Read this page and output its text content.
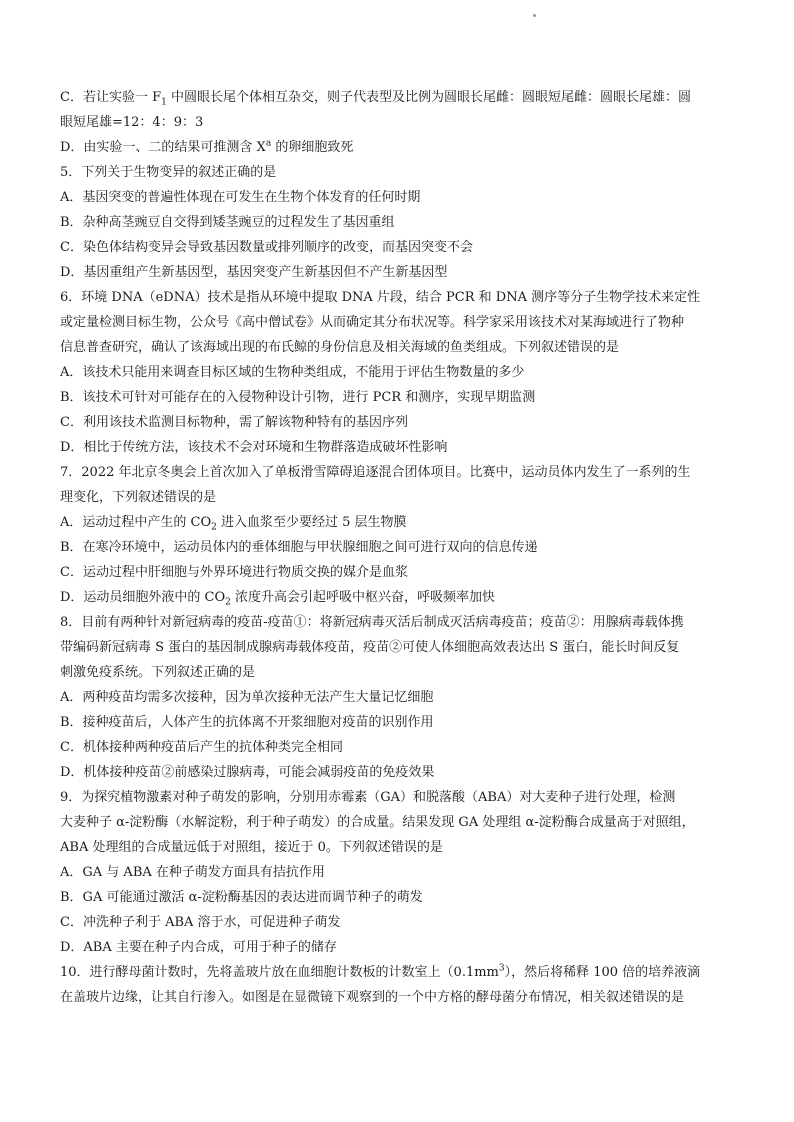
C．若让实验一 $F_1$ 中圆眼长尾个体相互杂交，则子代表型及比例为圆眼长尾雌：圆眼短尾雌：圆眼长尾雄：圆
眼短尾雄=12：4：9：3
D．由实验一、二的结果可推测含 $X^a$ 的卵细胞致死
5．下列关于生物变异的叙述正确的是
A．基因突变的普遍性体现在可发生在生物个体发育的任何时期
B．杂种高茎豌豆自交得到矮茎豌豆的过程发生了基因重组
C．染色体结构变异会导致基因数量或排列顺序的改变，而基因突变不会
D．基因重组产生新基因型，基因突变产生新基因但不产生新基因型
6．环境 DNA（eDNA）技术是指从环境中提取 DNA 片段，结合 PCR 和 DNA 测序等分子生物学技术来定性
或定量检测目标生物，公众号《高中僧试卷》从而确定其分布状况等。科学家采用该技术对某海域进行了物种
信息普查研究，确认了该海域出现的布氏鲸的身份信息及相关海域的鱼类组成。下列叙述错误的是
A．该技术只能用来调查目标区域的生物种类组成，不能用于评估生物数量的多少
B．该技术可针对可能存在的入侵物种设计引物，进行 PCR 和测序，实现早期监测
C．利用该技术监测目标物种，需了解该物种特有的基因序列
D．相比于传统方法，该技术不会对环境和生物群落造成破坏性影响
7．2022 年北京冬奥会上首次加入了单板滑雪障碍追逐混合团体项目。比赛中，运动员体内发生了一系列的生
理变化，下列叙述错误的是
A．运动过程中产生的 $CO_2$ 进入血浆至少要经过 5 层生物膜
B．在寒冷环境中，运动员体内的垂体细胞与甲状腺细胞之间可进行双向的信息传递
C．运动过程中肝细胞与外界环境进行物质交换的媒介是血浆
D．运动员细胞外液中的 $CO_2$ 浓度升高会引起呼吸中枢兴奋，呼吸频率加快
8．目前有两种针对新冠病毒的疫苗-疫苗①：将新冠病毒灭活后制成灭活病毒疫苗；疫苗②：用腺病毒载体携
带编码新冠病毒 S 蛋白的基因制成腺病毒载体疫苗，疫苗②可使人体细胞高效表达出 S 蛋白，能长时间反复
刺激免疫系统。下列叙述正确的是
A．两种疫苗均需多次接种，因为单次接种无法产生大量记忆细胞
B．接种疫苗后，人体产生的抗体离不开浆细胞对疫苗的识别作用
C．机体接种两种疫苗后产生的抗体种类完全相同
D．机体接种疫苗②前感染过腺病毒，可能会减弱疫苗的免疫效果
9．为探究植物激素对种子萌发的影响，分别用赤霉素（GA）和脱落酸（ABA）对大麦种子进行处理，检测
大麦种子 α-淀粉酶（水解淀粉，利于种子萌发）的合成量。结果发现 GA 处理组 α-淀粉酶合成量高于对照组，
ABA 处理组的合成量远低于对照组，接近于 0。下列叙述错误的是
A．GA 与 ABA 在种子萌发方面具有拮抗作用
B．GA 可能通过激活 α-淀粉酶基因的表达进而调节种子的萌发
C．冲洗种子利于 ABA 溶于水，可促进种子萌发
D．ABA 主要在种子内合成，可用于种子的储存
10．进行酵母菌计数时，先将盖玻片放在血细胞计数板的计数室上$(0.1mm^3)$，然后将稀释 100 倍的培养液滴
在盖玻片边缘，让其自行渗入。如图是在显微镜下观察到的一个中方格的酵母菌分布情况，相关叙述错误的是
